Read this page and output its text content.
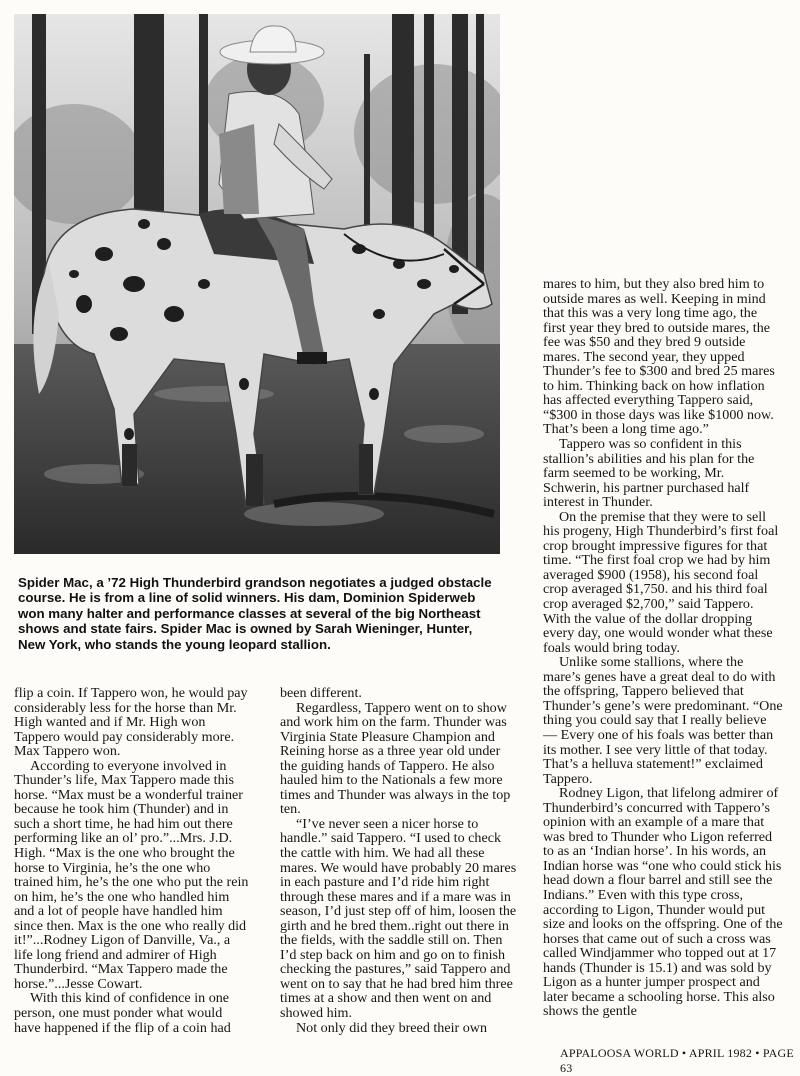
Spider Mac, a ’72 High Thunderbird grandson negotiates a judged obstacle course. He is from a line of solid winners. His dam, Dominion Spiderweb won many halter and performance classes at several of the big Northeast shows and state fairs. Spider Mac is owned by Sarah Wieninger, Hunter, New York, who stands the young leopard stallion.

flip a coin. If Tappero won, he would pay considerably less for the horse than Mr. High wanted and if Mr. High won Tappero would pay considerably more. Max Tappero won.

According to everyone involved in Thunder’s life, Max Tappero made this horse. “Max must be a wonderful trainer because he took him (Thunder) and in such a short time, he had him out there performing like an ol’ pro.”...Mrs. J.D. High. “Max is the one who brought the horse to Virginia, he’s the one who trained him, he’s the one who put the rein on him, he’s the one who handled him and a lot of people have handled him since then. Max is the one who really did it!”...Rodney Ligon of Danville, Va., a life long friend and admirer of High Thunderbird. “Max Tappero made the horse.”...Jesse Cowart.

With this kind of confidence in one person, one must ponder what would have happened if the flip of a coin had

been different.

Regardless, Tappero went on to show and work him on the farm. Thunder was Virginia State Pleasure Champion and Reining horse as a three year old under the guiding hands of Tappero. He also hauled him to the Nationals a few more times and Thunder was always in the top ten.

“I’ve never seen a nicer horse to handle.” said Tappero. “I used to check the cattle with him. We had all these mares. We would have probably 20 mares in each pasture and I’d ride him right through these mares and if a mare was in season, I’d just step off of him, loosen the girth and he bred them..right out there in the fields, with the saddle still on. Then I’d step back on him and go on to finish checking the pastures,” said Tappero and went on to say that he had bred him three times at a show and then went on and showed him.

Not only did they breed their own

mares to him, but they also bred him to outside mares as well. Keeping in mind that this was a very long time ago, the first year they bred to outside mares, the fee was $50 and they bred 9 outside mares. The second year, they upped Thunder’s fee to $300 and bred 25 mares to him. Thinking back on how inflation has affected everything Tappero said, “$300 in those days was like $1000 now. That’s been a long time ago.”

Tappero was so confident in this stallion’s abilities and his plan for the farm seemed to be working, Mr. Schwerin, his partner purchased half interest in Thunder.

On the premise that they were to sell his progeny, High Thunderbird’s first foal crop brought impressive figures for that time. “The first foal crop we had by him averaged $900 (1958), his second foal crop averaged $1,750. and his third foal crop averaged $2,700,” said Tappero. With the value of the dollar dropping every day, one would wonder what these foals would bring today.

Unlike some stallions, where the mare’s genes have a great deal to do with the offspring, Tappero believed that Thunder’s gene’s were predominant. “One thing you could say that I really believe — Every one of his foals was better than its mother. I see very little of that today. That’s a helluva statement!” exclaimed Tappero.

Rodney Ligon, that lifelong admirer of Thunderbird’s concurred with Tappero’s opinion with an example of a mare that was bred to Thunder who Ligon referred to as an ‘Indian horse’. In his words, an Indian horse was “one who could stick his head down a flour barrel and still see the Indians.” Even with this type cross, according to Ligon, Thunder would put size and looks on the offspring. One of the horses that came out of such a cross was called Windjammer who topped out at 17 hands (Thunder is 15.1) and was sold by Ligon as a hunter jumper prospect and later became a schooling horse. This also shows the gentle

APPALOOSA WORLD • APRIL 1982 • PAGE 63
